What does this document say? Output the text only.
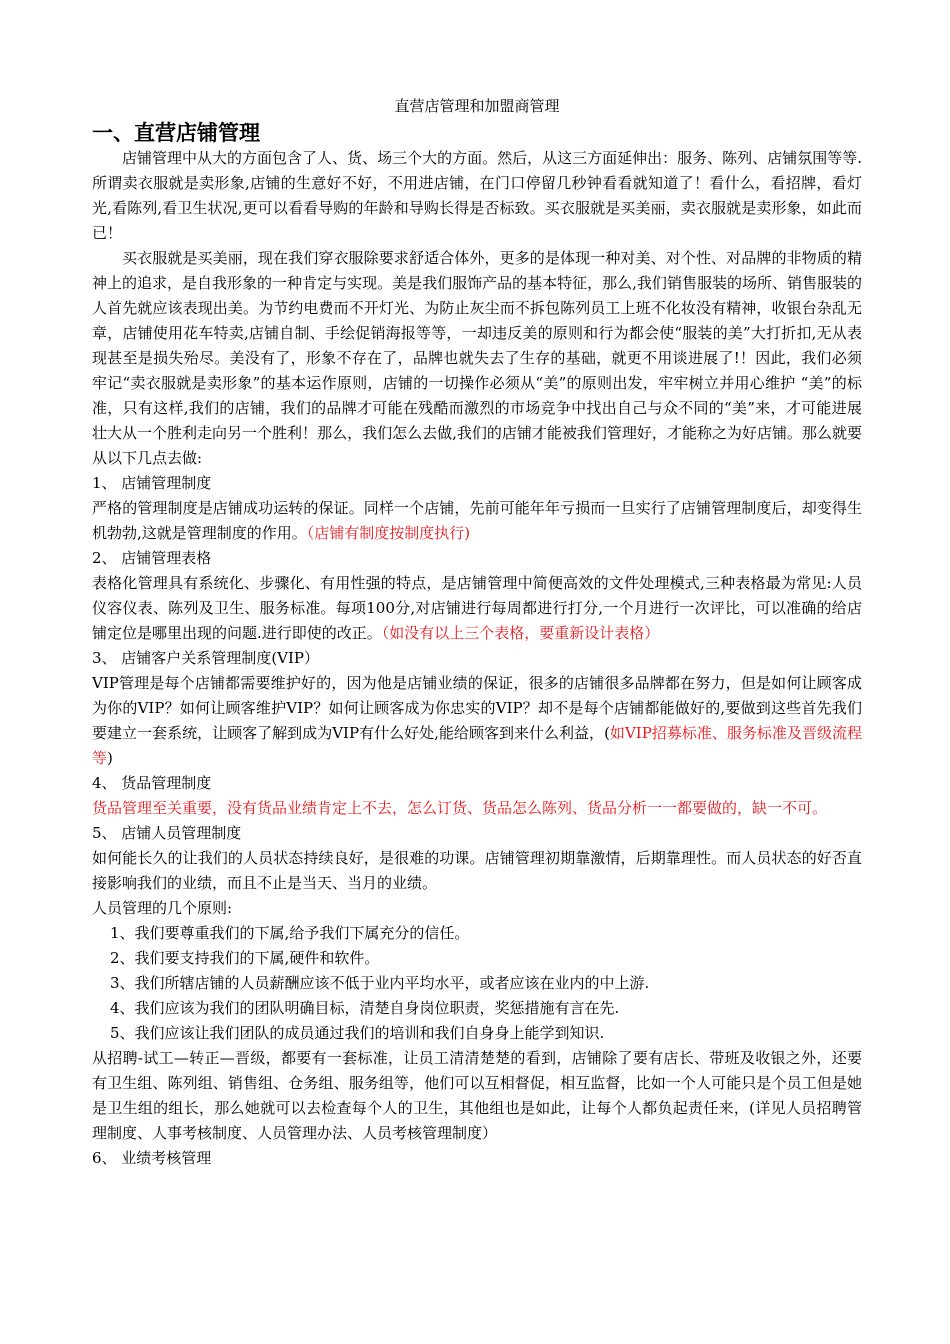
直营店管理和加盟商管理

一、直营店铺管理

店铺管理中从大的方面包含了人、货、场三个大的方面。然后，从这三方面延伸出：服务、陈列、店铺氛围等等.所谓卖衣服就是卖形象,店铺的生意好不好，不用进店铺，在门口停留几秒钟看看就知道了！看什么，看招牌，看灯光,看陈列,看卫生状况,更可以看看导购的年龄和导购长得是否标致。买衣服就是买美丽，卖衣服就是卖形象，如此而已！

买衣服就是买美丽，现在我们穿衣服除要求舒适合体外，更多的是体现一种对美、对个性、对品牌的非物质的精神上的追求，是自我形象的一种肯定与实现。美是我们服饰产品的基本特征，那么,我们销售服装的场所、销售服装的人首先就应该表现出美。为节约电费而不开灯光、为防止灰尘而不拆包陈列员工上班不化妆没有精神，收银台杂乱无章，店铺使用花车特卖,店铺自制、手绘促销海报等等，一却违反美的原则和行为都会使“服装的美”大打折扣,无从表现甚至是损失殆尽。美没有了，形象不存在了，品牌也就失去了生存的基础，就更不用谈进展了!！因此，我们必须牢记“卖衣服就是卖形象”的基本运作原则，店铺的一切操作必须从“美”的原则出发，牢牢树立并用心维护 “美”的标准，只有这样,我们的店铺，我们的品牌才可能在残酷而激烈的市场竞争中找出自己与众不同的“美”来，才可能进展壮大从一个胜利走向另一个胜利！那么，我们怎么去做,我们的店铺才能被我们管理好，才能称之为好店铺。那么就要从以下几点去做:

1、 店铺管理制度

严格的管理制度是店铺成功运转的保证。同样一个店铺，先前可能年年亏损而一旦实行了店铺管理制度后，却变得生机勃勃,这就是管理制度的作用。（店铺有制度按制度执行)

2、 店铺管理表格

表格化管理具有系统化、步骤化、有用性强的特点，是店铺管理中简便高效的文件处理模式,三种表格最为常见:人员仪容仪表、陈列及卫生、服务标准。每项100分,对店铺进行每周都进行打分,一个月进行一次评比，可以准确的给店铺定位是哪里出现的问题.进行即使的改正。（如没有以上三个表格，要重新设计表格）

3、 店铺客户关系管理制度(VIP）

VIP管理是每个店铺都需要维护好的，因为他是店铺业绩的保证，很多的店铺很多品牌都在努力，但是如何让顾客成为你的VIP？如何让顾客维护VIP？如何让顾客成为你忠实的VIP？却不是每个店铺都能做好的,要做到这些首先我们要建立一套系统，让顾客了解到成为VIP有什么好处,能给顾客到来什么利益，(如VIP招募标准、服务标准及晋级流程等)

4、 货品管理制度

货品管理至关重要，没有货品业绩肯定上不去，怎么订货、货品怎么陈列、货品分析一一都要做的，缺一不可。

5、 店铺人员管理制度

如何能长久的让我们的人员状态持续良好，是很难的功课。店铺管理初期靠激情，后期靠理性。而人员状态的好否直接影响我们的业绩，而且不止是当天、当月的业绩。

人员管理的几个原则:

1、我们要尊重我们的下属,给予我们下属充分的信任。

2、我们要支持我们的下属,硬件和软件。

3、我们所辖店铺的人员薪酬应该不低于业内平均水平，或者应该在业内的中上游.

4、我们应该为我们的团队明确目标，清楚自身岗位职责，奖惩措施有言在先.

5、我们应该让我们团队的成员通过我们的培训和我们自身身上能学到知识.

从招聘-试工—转正—晋级，都要有一套标准，让员工清清楚楚的看到，店铺除了要有店长、带班及收银之外，还要有卫生组、陈列组、销售组、仓务组、服务组等，他们可以互相督促，相互监督，比如一个人可能只是个员工但是她是卫生组的组长，那么她就可以去检查每个人的卫生，其他组也是如此，让每个人都负起责任来，(详见人员招聘管理制度、人事考核制度、人员管理办法、人员考核管理制度）

6、 业绩考核管理
